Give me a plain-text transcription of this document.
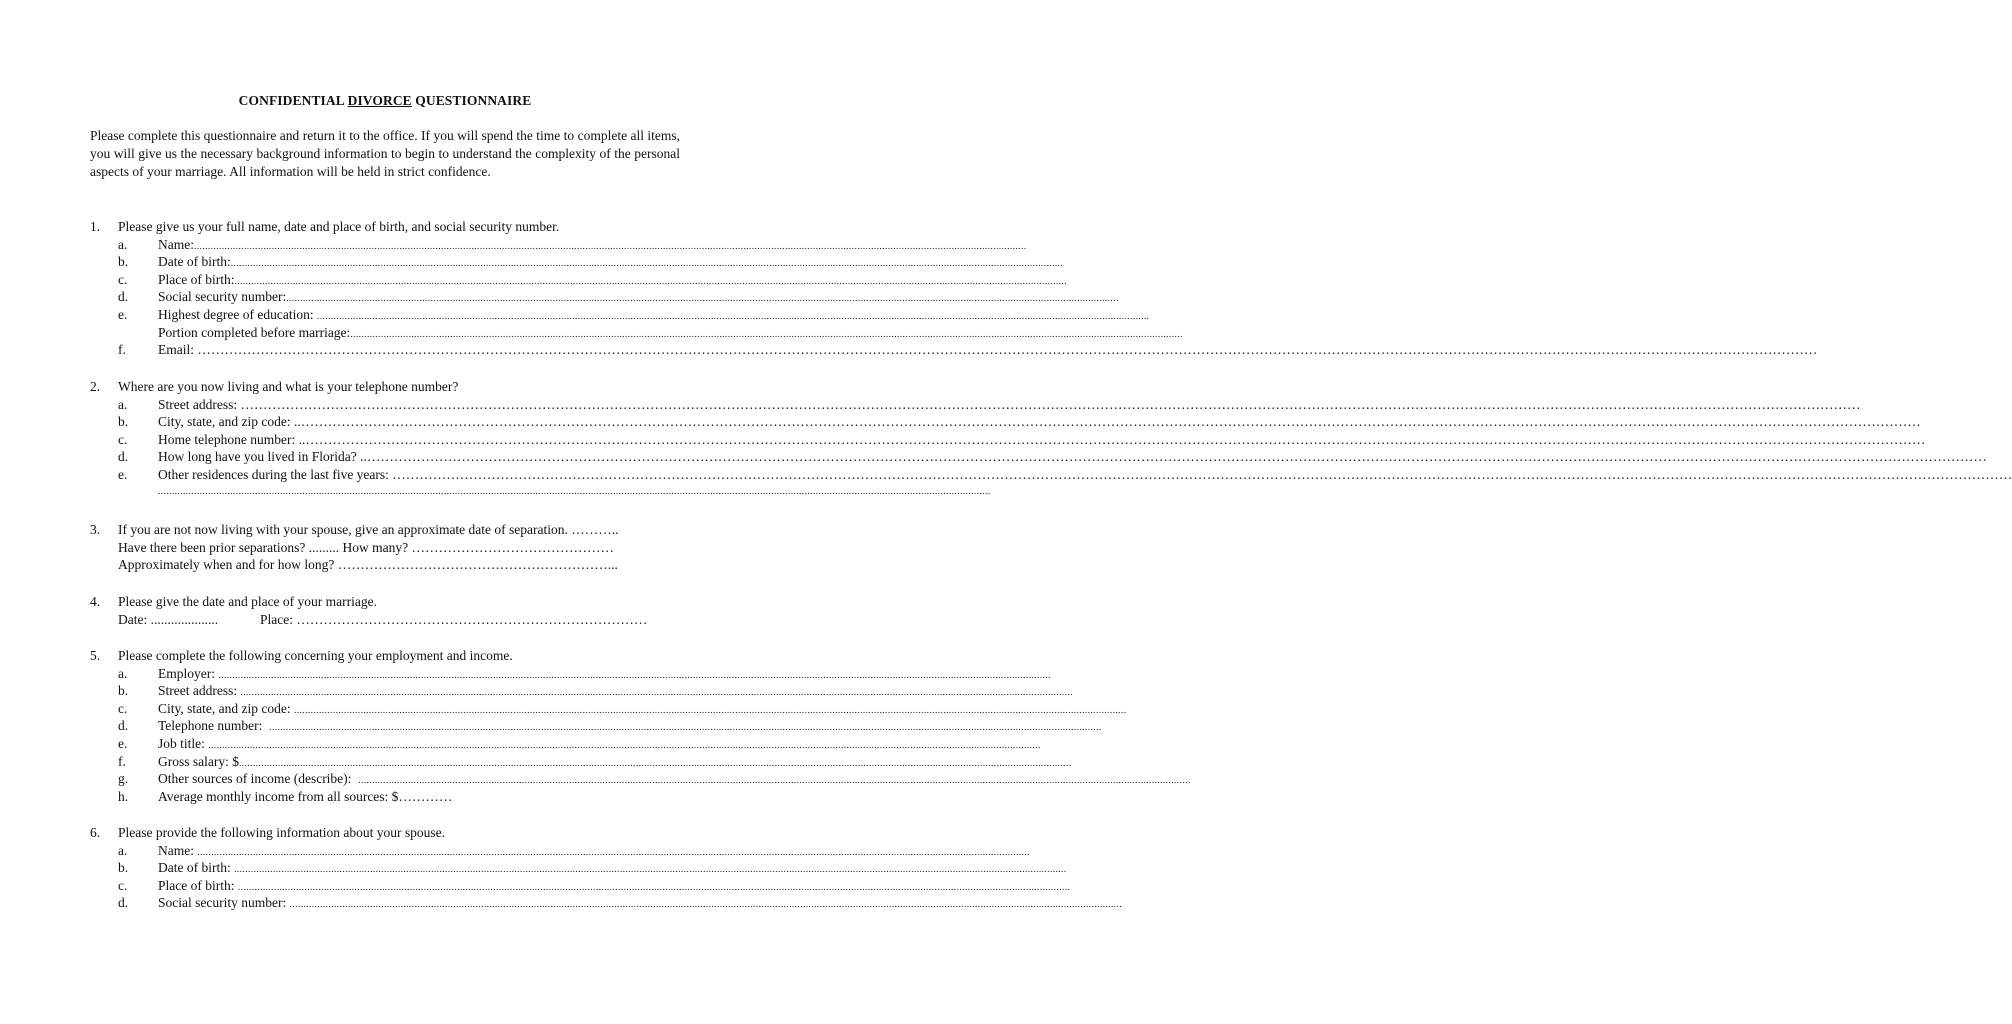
CONFIDENTIAL DIVORCE QUESTIONNAIRE
Please complete this questionnaire and return it to the office. If you will spend the time to complete all items, you will give us the necessary background information to begin to understand the complexity of the personal aspects of your marriage. All information will be held in strict confidence.
1. Please give us your full name, date and place of birth, and social security number.
a. Name: ............................................................................................................................................................................................................................................................................................................
b. Date of birth: ............................................................................................................................................................................................................................................................................................................
c. Place of birth: ............................................................................................................................................................................................................................................................................................................
d. Social security number: ............................................................................................................................................................................................................................................................................................................
e. Highest degree of education: ............................................................................................................................................................................................................................................................................................................
Portion completed before marriage: ............................................................................................................................................................................................................................................................................................................
f. Email: ………………………………………………………………………………………………………………………………………………………………………………………………………………………………………………………………………………………………………………………………
2. Where are you now living and what is your telephone number?
a. Street address: ………………………………………………………………………………………………………………………………………………………………………………………………………………………………………………………………………………………………………………………………
b. City, state, and zip code: .. ………………………………………………………………………………………………………………………………………………………………………………………………………………………………………………………………………………………………………………………………
c. Home telephone number: .. ………………………………………………………………………………………………………………………………………………………………………………………………………………………………………………………………………………………………………………………………
d. How long have you lived in Florida? .. ………………………………………………………………………………………………………………………………………………………………………………………………………………………………………………………………………………………………………………………………
e. Other residences during the last five years: ………………………………………………………………………………………………………………………………………………………………………………………………………………………………………………………………………………………………………………………………
............................................................................................................................................................................................................................................................................................................
3. If you are not now living with your spouse, give an approximate date of separation. ………..
Have there been prior separations? ......... How many? ………………………………………
Approximately when and for how long? ……………………………………………………...
4. Please give the date and place of your marriage.
Date: ....................	Place: ……………………………………………………………………
5. Please complete the following concerning your employment and income.
a. Employer: ............................................................................................................................................................................................................................................................................................................
b. Street address: ............................................................................................................................................................................................................................................................................................................
c. City, state, and zip code: ............................................................................................................................................................................................................................................................................................................
d. Telephone number: ............................................................................................................................................................................................................................................................................................................
e. Job title: ............................................................................................................................................................................................................................................................................................................
f. Gross salary: $ ............................................................................................................................................................................................................................................................................................................
g. Other sources of income (describe): ............................................................................................................................................................................................................................................................................................................
h. Average monthly income from all sources: $…………
6. Please provide the following information about your spouse.
a. Name: ............................................................................................................................................................................................................................................................................................................
b. Date of birth: ............................................................................................................................................................................................................................................................................................................
c. Place of birth: ............................................................................................................................................................................................................................................................................................................
d. Social security number: ............................................................................................................................................................................................................................................................................................................
